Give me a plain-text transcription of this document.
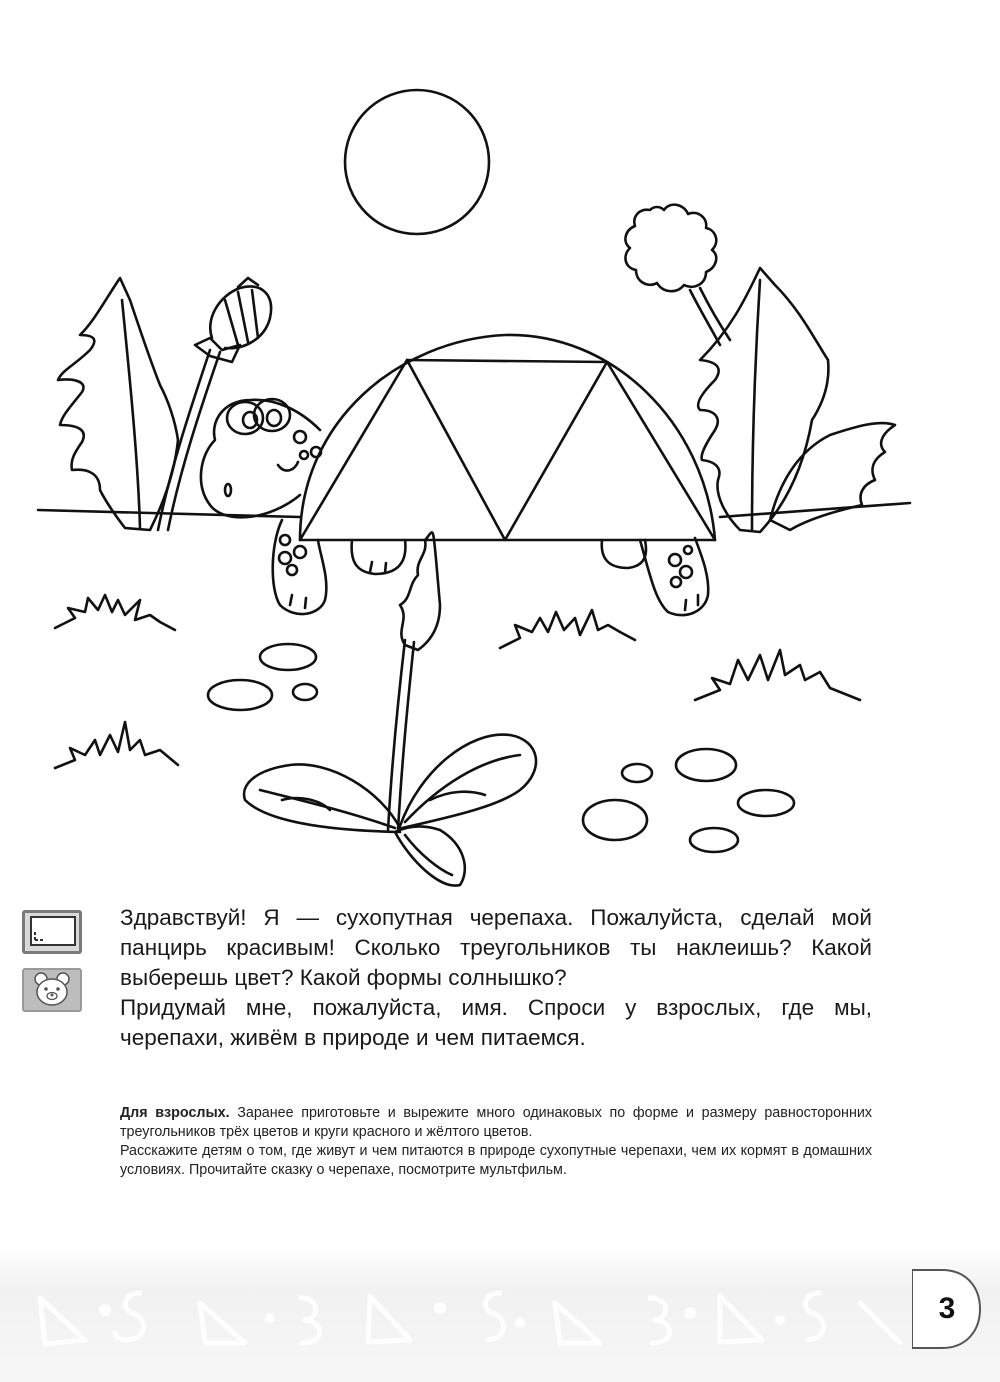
Здравствуй! Я — сухопутная черепаха. Пожалуйста, сделай мой панцирь красивым! Сколько треугольников ты наклеишь? Какой выберешь цвет? Какой формы солнышко?

Придумай мне, пожалуйста, имя. Спроси у взрослых, где мы, черепахи, живём в природе и чем питаемся.

Для взрослых. Заранее приготовьте и вырежите много одинаковых по форме и размеру равносторонних треугольников трёх цветов и круги красного и жёлтого цветов.

Расскажите детям о том, где живут и чем питаются в природе сухопутные черепахи, чем их кормят в домашних условиях. Прочитайте сказку о черепахе, посмотрите мультфильм.

3
